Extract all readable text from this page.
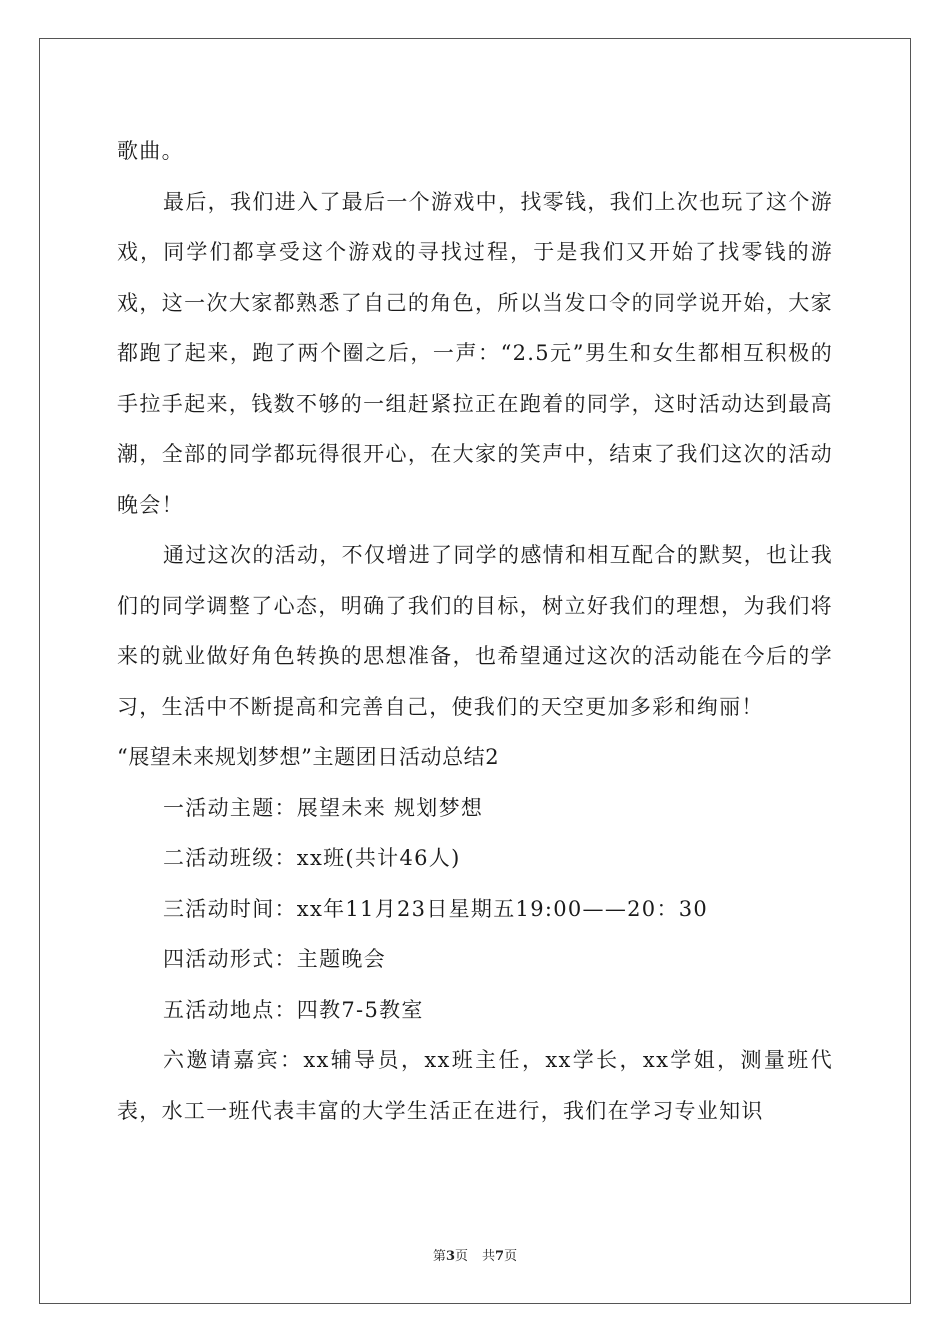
歌曲。

最后，我们进入了最后一个游戏中，找零钱，我们上次也玩了这个游戏，同学们都享受这个游戏的寻找过程，于是我们又开始了找零钱的游戏，这一次大家都熟悉了自己的角色，所以当发口令的同学说开始，大家都跑了起来，跑了两个圈之后，一声：“2.5元”男生和女生都相互积极的手拉手起来，钱数不够的一组赶紧拉正在跑着的同学，这时活动达到最高潮，全部的同学都玩得很开心，在大家的笑声中，结束了我们这次的活动晚会！

通过这次的活动，不仅增进了同学的感情和相互配合的默契，也让我们的同学调整了心态，明确了我们的目标，树立好我们的理想，为我们将来的就业做好角色转换的思想准备，也希望通过这次的活动能在今后的学习，生活中不断提高和完善自己，使我们的天空更加多彩和绚丽！

“展望未来规划梦想”主题团日活动总结2

一活动主题：展望未来 规划梦想

二活动班级：xx班(共计46人)

三活动时间：xx年11月23日星期五19:00——20：30

四活动形式：主题晚会

五活动地点：四教7-5教室

六邀请嘉宾：xx辅导员，xx班主任，xx学长，xx学姐，测量班代表，水工一班代表丰富的大学生活正在进行，我们在学习专业知识

第3页 共7页
